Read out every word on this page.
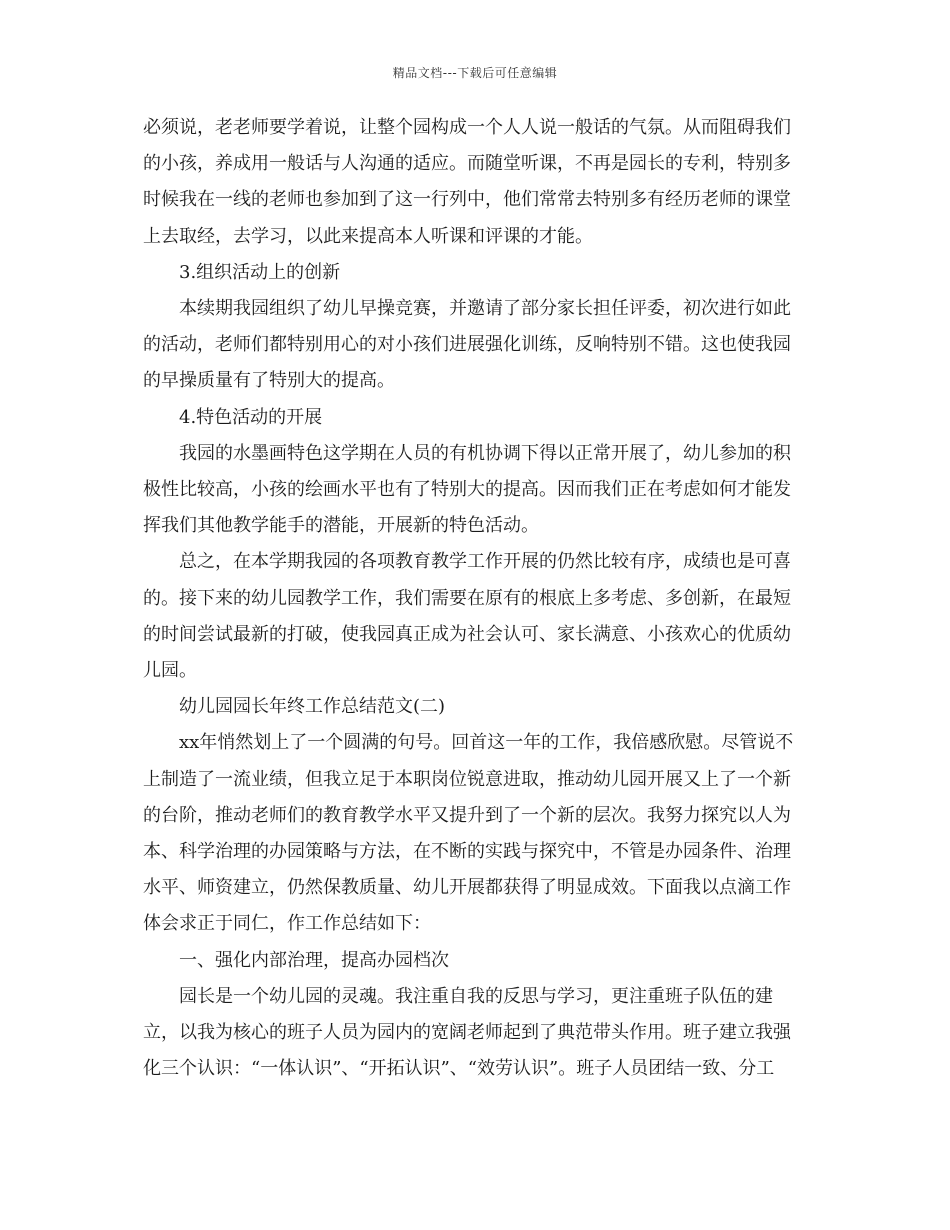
精品文档---下载后可任意编辑

必须说，老老师要学着说，让整个园构成一个人人说一般话的气氛。从而阻碍我们的小孩，养成用一般话与人沟通的适应。而随堂听课，不再是园长的专利，特别多时候我在一线的老师也参加到了这一行列中，他们常常去特别多有经历老师的课堂上去取经，去学习，以此来提高本人听课和评课的才能。

3.组织活动上的创新

本续期我园组织了幼儿早操竞赛，并邀请了部分家长担任评委，初次进行如此的活动，老师们都特别用心的对小孩们进展强化训练，反响特别不错。这也使我园的早操质量有了特别大的提高。

4.特色活动的开展

我园的水墨画特色这学期在人员的有机协调下得以正常开展了，幼儿参加的积极性比较高，小孩的绘画水平也有了特别大的提高。因而我们正在考虑如何才能发挥我们其他教学能手的潜能，开展新的特色活动。

总之，在本学期我园的各项教育教学工作开展的仍然比较有序，成绩也是可喜的。接下来的幼儿园教学工作，我们需要在原有的根底上多考虑、多创新，在最短的时间尝试最新的打破，使我园真正成为社会认可、家长满意、小孩欢心的优质幼儿园。

幼儿园园长年终工作总结范文(二)

xx年悄然划上了一个圆满的句号。回首这一年的工作，我倍感欣慰。尽管说不上制造了一流业绩，但我立足于本职岗位锐意进取，推动幼儿园开展又上了一个新的台阶，推动老师们的教育教学水平又提升到了一个新的层次。我努力探究以人为本、科学治理的办园策略与方法，在不断的实践与探究中，不管是办园条件、治理水平、师资建立，仍然保教质量、幼儿开展都获得了明显成效。下面我以点滴工作体会求正于同仁，作工作总结如下：

一、强化内部治理，提高办园档次

园长是一个幼儿园的灵魂。我注重自我的反思与学习，更注重班子队伍的建立，以我为核心的班子人员为园内的宽阔老师起到了典范带头作用。班子建立我强化三个认识：“一体认识”、“开拓认识”、“效劳认识”。班子人员团结一致、分工
